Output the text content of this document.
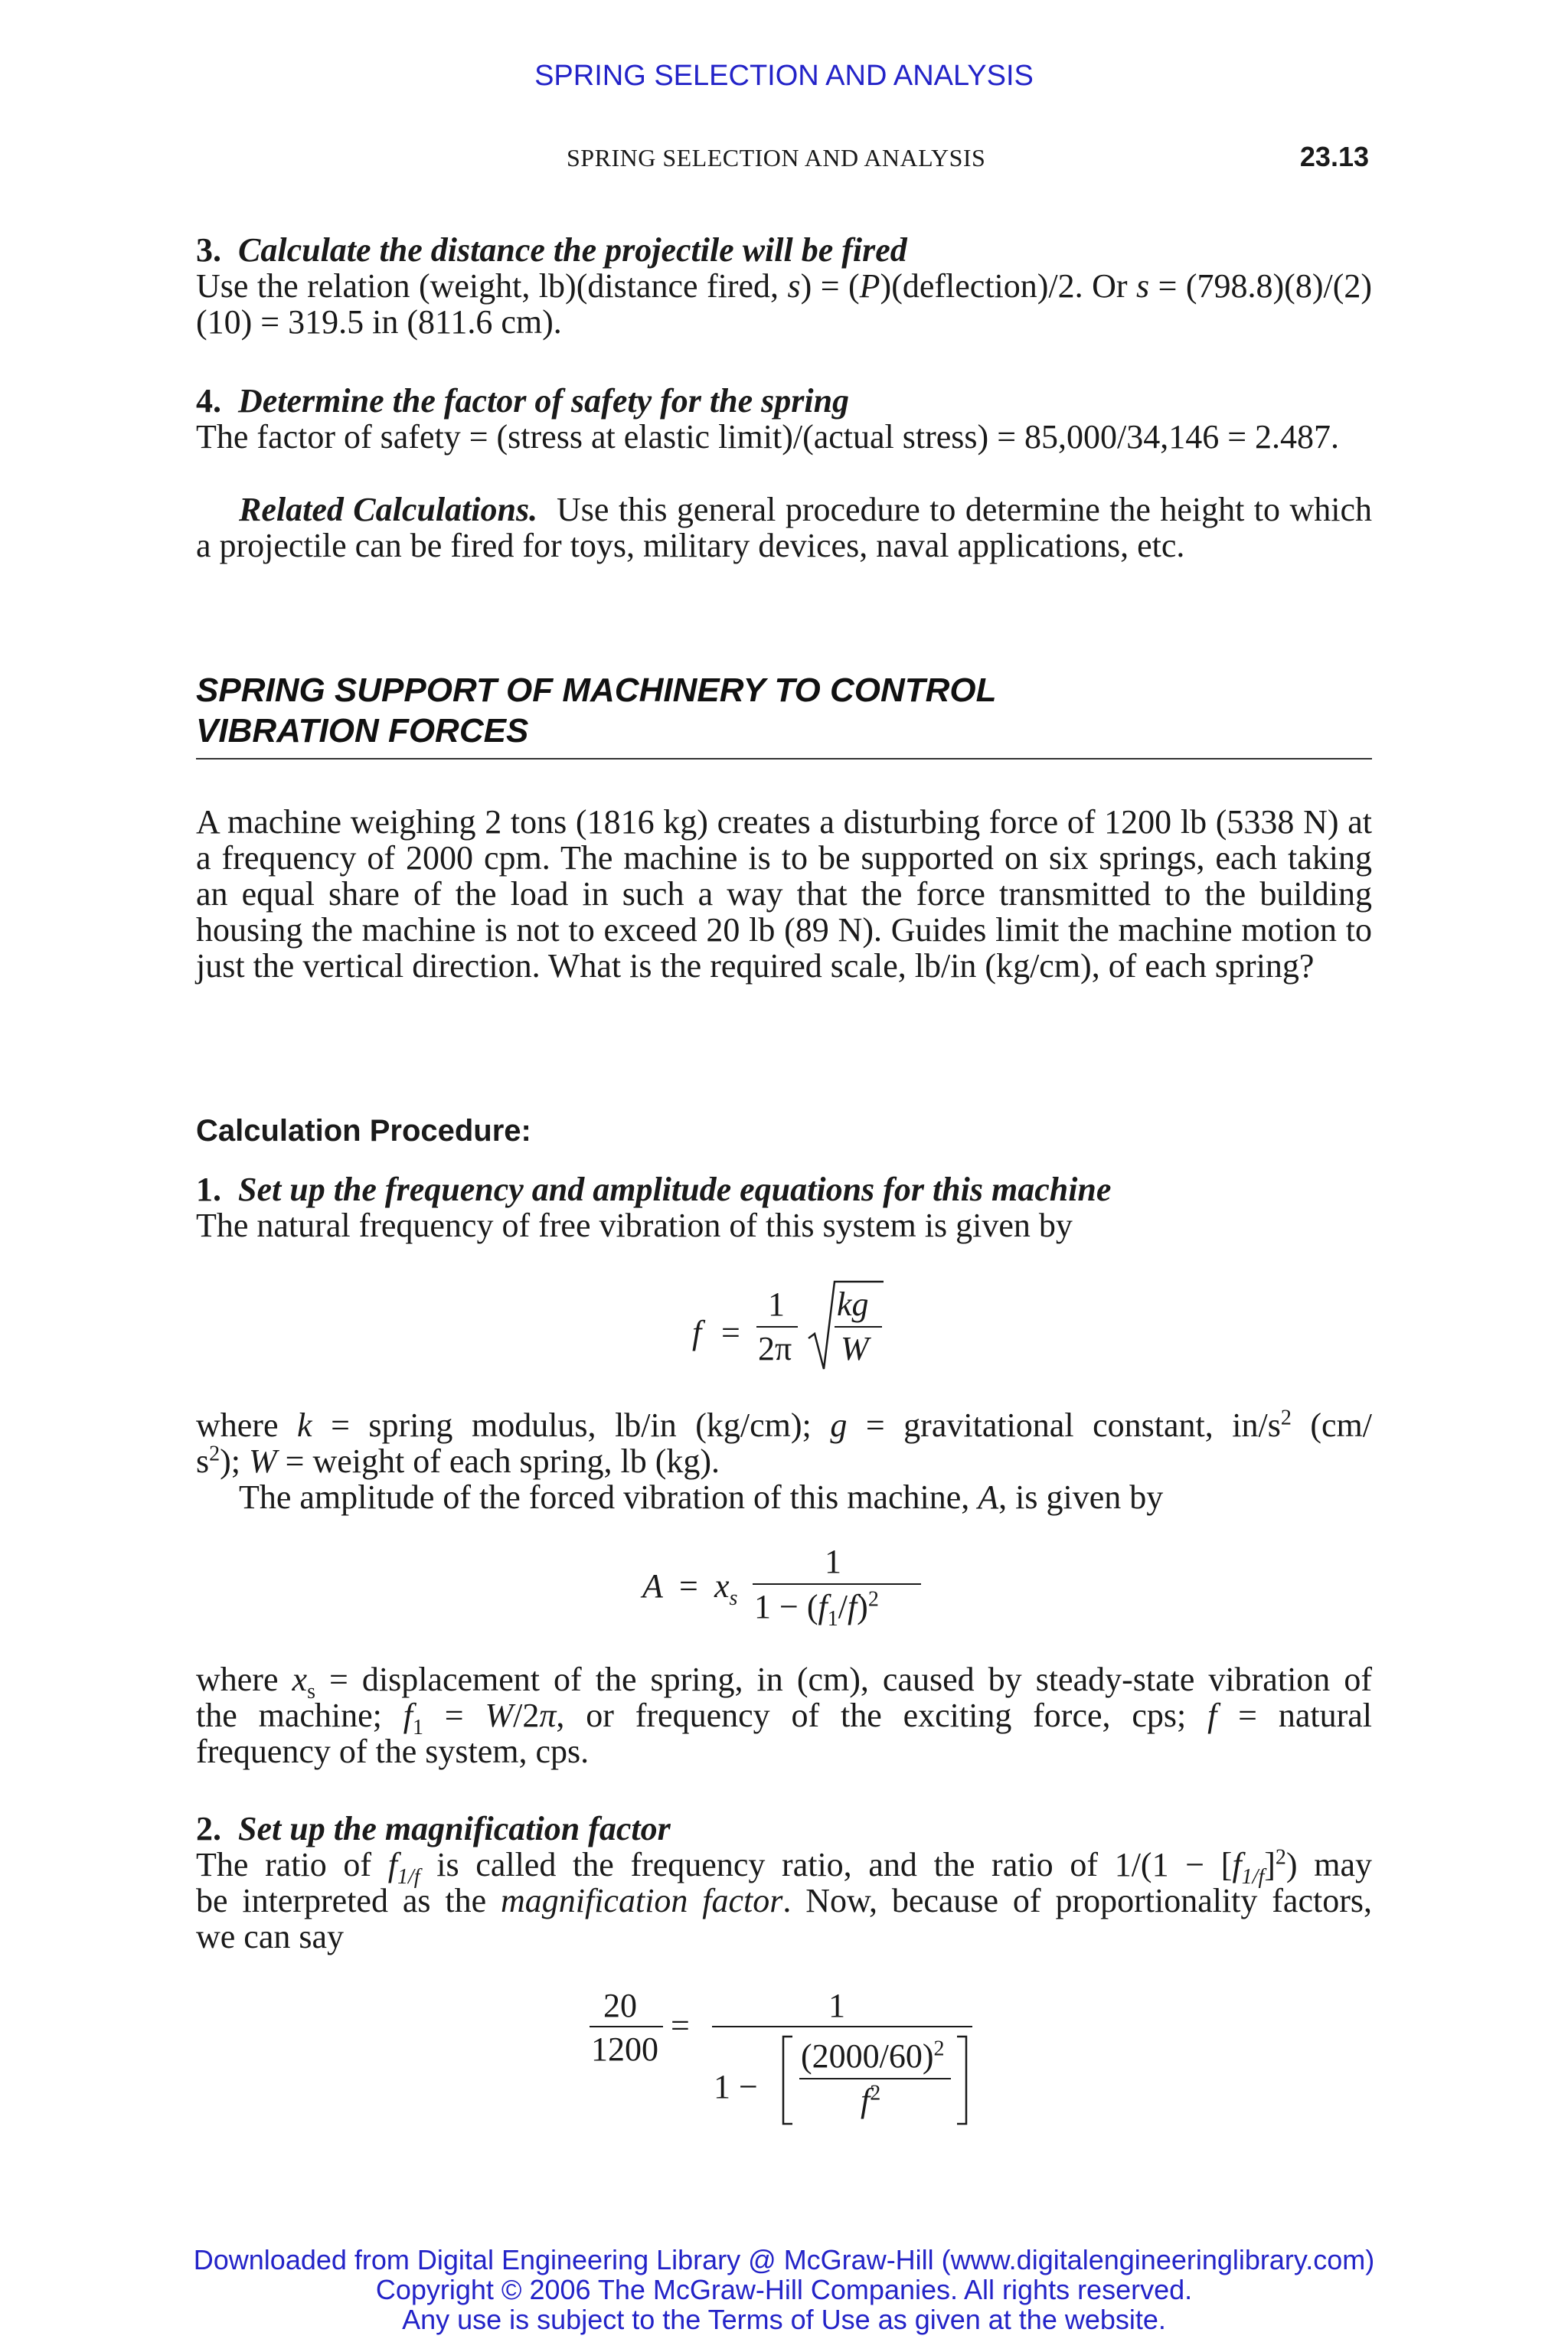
SPRING SELECTION AND ANALYSIS
SPRING SELECTION AND ANALYSIS	23.13
3. Calculate the distance the projectile will be fired
Use the relation (weight, lb)(distance fired, s) = (P)(deflection)/2. Or s = (798.8)(8)/(2)(10) = 319.5 in (811.6 cm).
4. Determine the factor of safety for the spring
The factor of safety = (stress at elastic limit)/(actual stress) = 85,000/34,146 = 2.487.
Related Calculations. Use this general procedure to determine the height to which a projectile can be fired for toys, military devices, naval applications, etc.
SPRING SUPPORT OF MACHINERY TO CONTROL
VIBRATION FORCES
A machine weighing 2 tons (1816 kg) creates a disturbing force of 1200 lb (5338 N) at a frequency of 2000 cpm. The machine is to be supported on six springs, each taking an equal share of the load in such a way that the force transmitted to the building housing the machine is not to exceed 20 lb (89 N). Guides limit the machine motion to just the vertical direction. What is the required scale, lb/in (kg/cm), of each spring?
Calculation Procedure:
1. Set up the frequency and amplitude equations for this machine
The natural frequency of free vibration of this system is given by
f =
1
2π
kg
W
where k = spring modulus, lb/in (kg/cm); g = gravitational constant, $in/s^2$ (cm/
$s^2$); W = weight of each spring, lb (kg).
The amplitude of the forced vibration of this machine, A, is given by
$A = x_s$
1
$1 - (f_1/f)^2$
where $x_s$ = displacement of the spring, in (cm), caused by steady-state vibration of
the machine; $f_1 = W/2\pi$, or frequency of the exciting force, cps; f = natural
frequency of the system, cps.
2. Set up the magnification factor
The ratio of $f_{1/f}$ is called the frequency ratio, and the ratio of $1/(1 - [f_{1/f}]^2)$ may
be interpreted as the magnification factor. Now, because of proportionality factors,
we can say
20
1200
=
1
1 −
$(2000/60)^2$
$f^2$
Downloaded from Digital Engineering Library @ McGraw-Hill (www.digitalengineeringlibrary.com)
Copyright © 2006 The McGraw-Hill Companies. All rights reserved.
Any use is subject to the Terms of Use as given at the website.
